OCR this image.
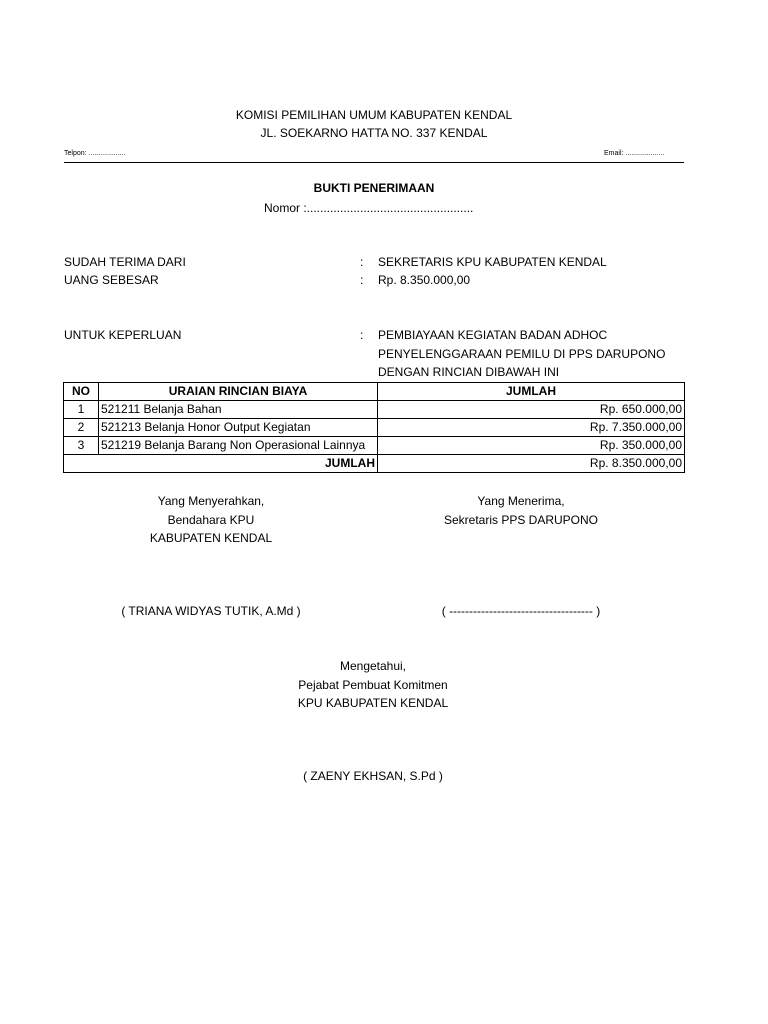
KOMISI PEMILIHAN UMUM KABUPATEN KENDAL
JL. SOEKARNO HATTA NO. 337 KENDAL
Telpon: ...................	Email: ....................
BUKTI PENERIMAAN
Nomor :..................................................
SUDAH TERIMA DARI	: SEKRETARIS KPU KABUPATEN KENDAL
UANG SEBESAR	: Rp. 8.350.000,00
UNTUK KEPERLUAN	: PEMBIAYAAN KEGIATAN BADAN ADHOC
PENYELENGGARAAN PEMILU DI PPS DARUPONO
DENGAN RINCIAN DIBAWAH INI
NO	URAIAN RINCIAN BIAYA	JUMLAH
1	521211 Belanja Bahan	Rp. 650.000,00
2	521213 Belanja Honor Output Kegiatan	Rp. 7.350.000,00
3	521219 Belanja Barang Non Operasional Lainnya	Rp. 350.000,00
JUMLAH		Rp. 8.350.000,00
Yang Menyerahkan,
Bendahara KPU
KABUPATEN KENDAL
( TRIANA WIDYAS TUTIK, A.Md )
Yang Menerima,
Sekretaris PPS DARUPONO
( ------------------------------------ )
Mengetahui,
Pejabat Pembuat Komitmen
KPU KABUPATEN KENDAL
( ZAENY EKHSAN, S.Pd )
